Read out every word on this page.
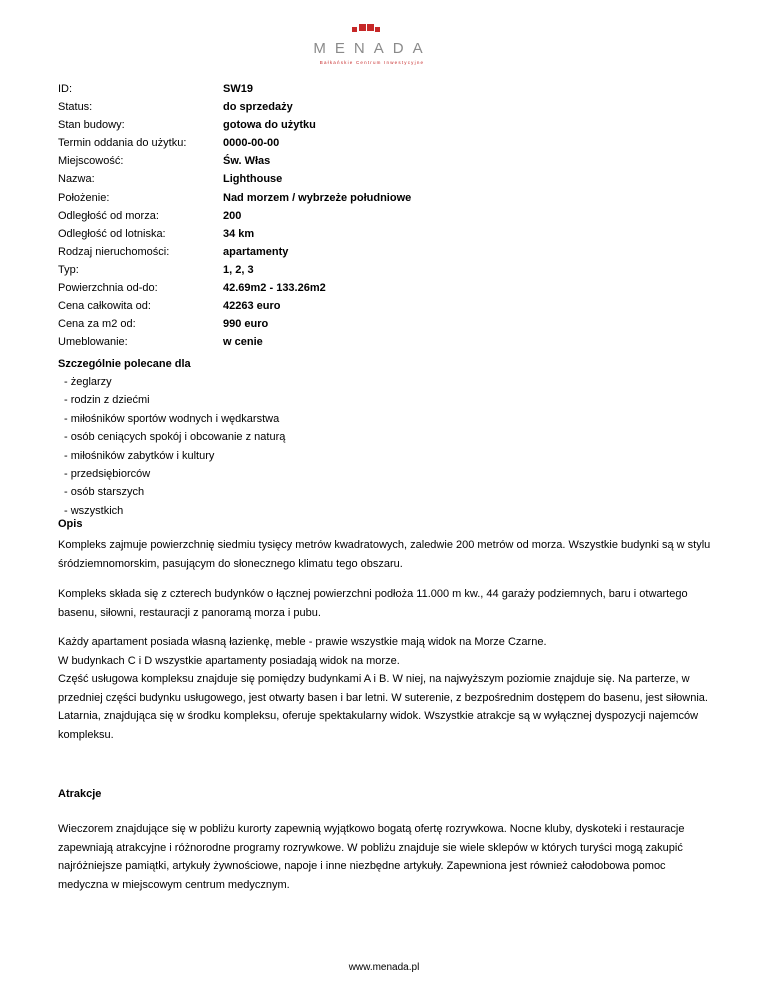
MENADA
Bałkańskie Centrum Inwestycyjne
ID:	SW19
Status:	do sprzedaży
Stan budowy:	gotowa do użytku
Termin oddania do użytku:	0000-00-00
Miejscowość:	Św. Włas
Nazwa:	Lighthouse
Położenie:	Nad morzem / wybrzeże południowe
Odległość od morza:	200
Odległość od lotniska:	34 km
Rodzaj nieruchomości:	apartamenty
Typ:	1, 2, 3
Powierzchnia od-do:	42.69m2 - 133.26m2
Cena całkowita od:	42263 euro
Cena za m2 od:	990 euro
Umeblowanie:	w cenie
Szczególnie polecane dla
- żeglarzy
- rodzin z dziećmi
- miłośników sportów wodnych i wędkarstwa
- osób ceniących spokój i obcowanie z naturą
- miłośników zabytków i kultury
- przedsiębiorców
- osób starszych
- wszystkich
Opis

Kompleks zajmuje powierzchnię siedmiu tysięcy metrów kwadratowych, zaledwie 200 metrów od morza. Wszystkie budynki są w stylu śródziemnomorskim, pasującym do słonecznego klimatu tego obszaru.

Kompleks składa się z czterech budynków o łącznej powierzchni podłoża 11.000 m kw., 44 garaży podziemnych, baru i otwartego basenu, siłowni, restauracji z panoramą morza i pubu.

Każdy apartament posiada własną łazienkę, meble - prawie wszystkie mają widok na Morze Czarne.

W budynkach C i D wszystkie apartamenty posiadają widok na morze.

Część usługowa kompleksu znajduje się pomiędzy budynkami A i B. W niej, na najwyższym poziomie znajduje się. Na parterze, w przedniej części budynku usługowego, jest otwarty basen i bar letni. W suterenie, z bezpośrednim dostępem do basenu, jest siłownia. Latarnia, znajdująca się w środku kompleksu, oferuje spektakularny widok. Wszystkie atrakcje są w wyłącznej dyspozycji najemców kompleksu.

Atrakcje

Wieczorem znajdujące się w pobliżu kurorty zapewnią wyjątkowo bogatą ofertę rozrywkowa. Nocne kluby, dyskoteki i restauracje zapewniają atrakcyjne i różnorodne programy rozrywkowe. W pobliżu znajduje sie wiele sklepów w których turyści mogą zakupić najróżniejsze pamiątki, artykuły żywnościowe, napoje i inne niezbędne artykuły. Zapewniona jest również całodobowa pomoc medyczna w miejscowym centrum medycznym.

www.menada.pl
